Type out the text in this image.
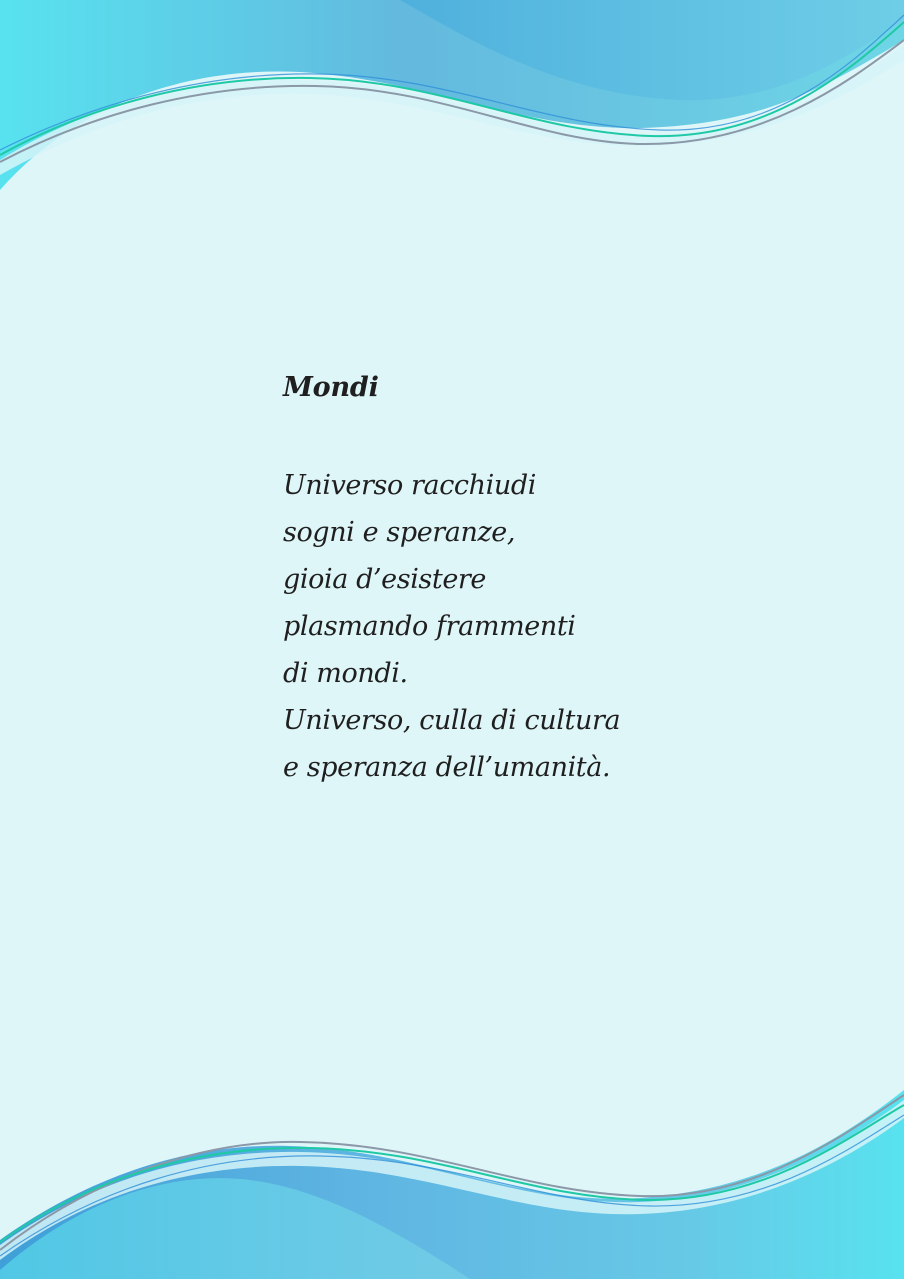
Mondi
Universo racchiudi
sogni e speranze,
gioia d’esistere
plasmando frammenti
di mondi.
Universo, culla di cultura
e speranza dell’umanità.
